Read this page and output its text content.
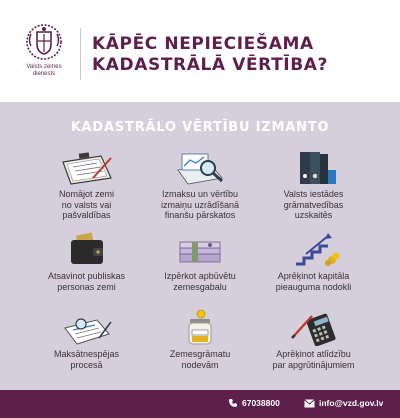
Valsts zemes
dienests
KĀPĒC NEPIECIEŠAMA
KADASTRĀLĀ VĒRTĪBA?
KADASTRĀLO VĒRTĪBU IZMANTO
Nomājot zemi
no valsts vai
pašvaldības
Izmaksu un vērtību
izmaiņu uzrādīšanā
finanšu pārskatos
Valsts iestādes
grāmatvedības
uzskaitēs
Atsavinot publiskas
personas zemi
Izpērkot apbūvētu
zemesgabalu
Aprēķinot kapitāla
pieauguma nodokli
Maksātnespējas
procesā
Zemesgrāmatu
nodevām
Aprēķinot atlīdzību
par apgrūtinājumiem
67038800	info@vzd.gov.lv
